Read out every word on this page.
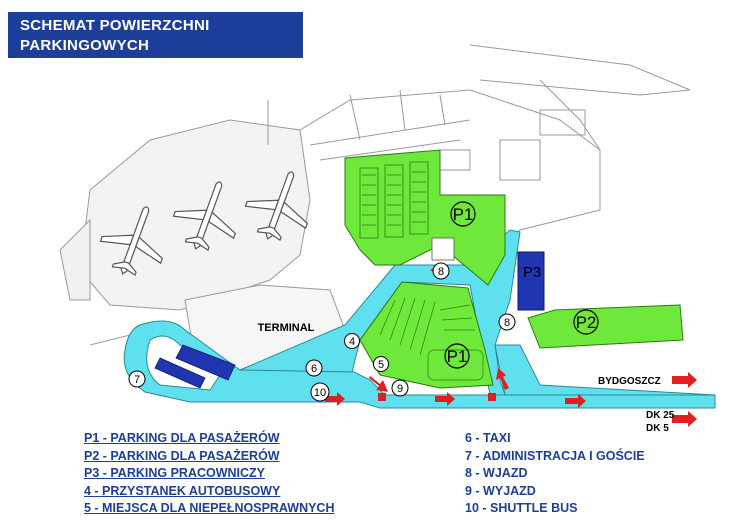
SCHEMAT POWIERZCHNI
PARKINGOWYCH
P1
P1
P2
P3
TERMINAL
4
5
6
7
8
8
9
10
BYDGOSZCZ
DK 25
DK 5
P1 - PARKING DLA PASAŻERÓW
P2 - PARKING DLA PASAŻERÓW
P3 - PARKING PRACOWNICZY
4 - PRZYSTANEK AUTOBUSOWY
5 - MIEJSCA DLA NIEPEŁNOSPRAWNYCH
6 - TAXI
7 - ADMINISTRACJA I GOŚCIE
8 - WJAZD
9 - WYJAZD
10 - SHUTTLE BUS
